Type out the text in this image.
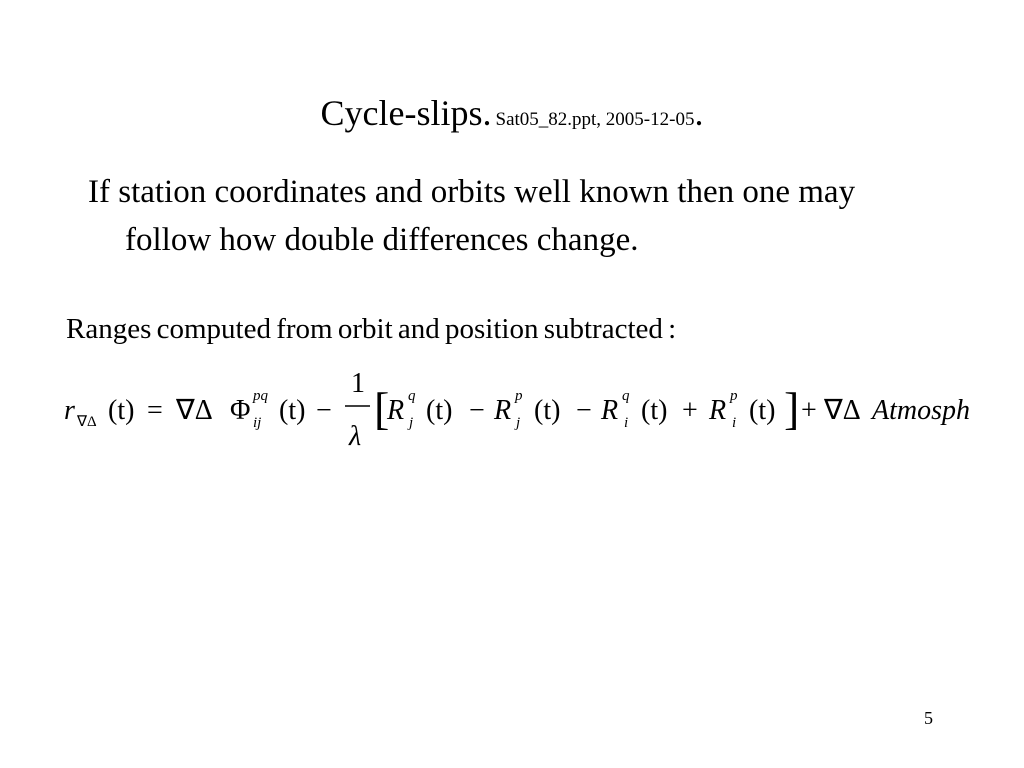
Cycle-slips. Sat05_82.ppt, 2005-12-05.
If station coordinates and orbits well known then one may follow how double differences change.
Ranges computed from orbit and position subtracted :
r ∇Δ (t) = ∇Δ Φ pq
ij (t) −
1
λ
[
R q
j (t) − R p
j (t) − R q
i (t) + R p
i (t) ] + ∇Δ Atmosph
5
